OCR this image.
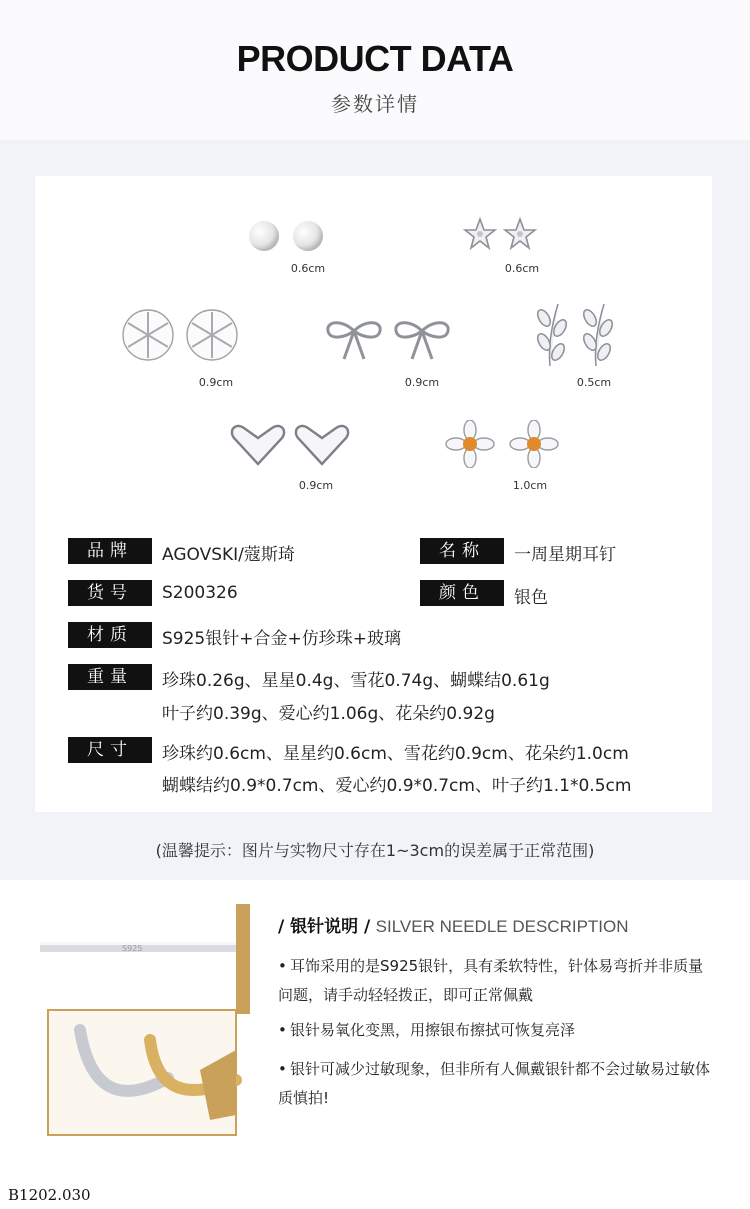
PRODUCT DATA
参数详情
0.6cm	0.6cm
0.9cm	0.9cm	0.5cm
0.9cm	1.0cm
品牌	AGOVSKI/蔻斯琦	名称	一周星期耳钉
货号	S200326	颜色	银色
材质	S925银针+合金+仿珍珠+玻璃
重量	珍珠0.26g、星星0.4g、雪花0.74g、蝴蝶结0.61g
叶子约0.39g、爱心约1.06g、花朵约0.92g
尺寸	珍珠约0.6cm、星星约0.6cm、雪花约0.9cm、花朵约1.0cm
蝴蝶结约0.9*0.7cm、爱心约0.9*0.7cm、叶子约1.1*0.5cm
(温馨提示：图片与实物尺寸存在1~3cm的误差属于正常范围)
S925
/ 银针说明 / SILVER NEEDLE DESCRIPTION
• 耳饰采用的是S925银针，具有柔软特性，针体易弯折并非质量问题，请手动轻轻拨正，即可正常佩戴
• 银针易氧化变黑，用擦银布擦拭可恢复亮泽
• 银针可减少过敏现象，但非所有人佩戴银针都不会过敏易过敏体质慎拍!
B1202.030
